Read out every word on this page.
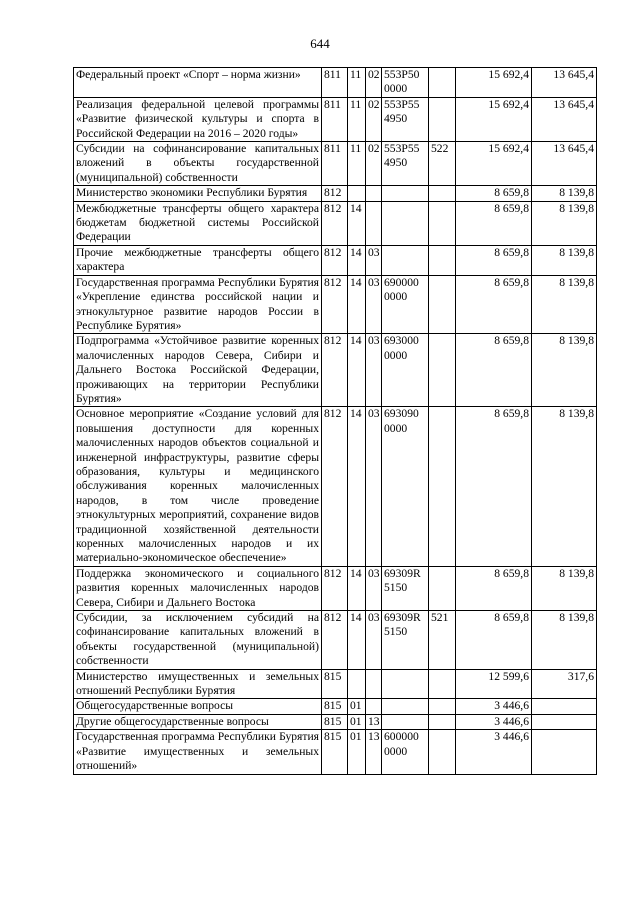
644
Федеральный проект «Спорт – норма жизни»	811	11	02	553P50 0000		15 692,4	13 645,4
Реализация федеральной целевой программы «Развитие физической культуры и спорта в Российской Федерации на 2016 – 2020 годы»	811	11	02	553P55 4950		15 692,4	13 645,4
Субсидии на софинансирование капитальных вложений в объекты государственной (муниципальной) собственности	811	11	02	553P55 4950	522	15 692,4	13 645,4
Министерство экономики Республики Бурятия	812					8 659,8	8 139,8
Межбюджетные трансферты общего характера бюджетам бюджетной системы Российской Федерации	812	14				8 659,8	8 139,8
Прочие межбюджетные трансферты общего характера	812	14	03			8 659,8	8 139,8
Государственная программа Республики Бурятия «Укрепление единства российской нации и этнокультурное развитие народов России в Республике Бурятия»	812	14	03	690000 0000		8 659,8	8 139,8
Подпрограмма «Устойчивое развитие коренных малочисленных народов Севера, Сибири и Дальнего Востока Российской Федерации, проживающих на территории Республики Бурятия»	812	14	03	693000 0000		8 659,8	8 139,8
Основное мероприятие «Создание условий для повышения доступности для коренных малочисленных народов объектов социальной и инженерной инфраструктуры, развитие сферы образования, культуры и медицинского обслуживания коренных малочисленных народов, в том числе проведение этнокультурных мероприятий, сохранение видов традиционной хозяйственной деятельности коренных малочисленных народов и их материально-экономическое обеспечение»	812	14	03	693090 0000		8 659,8	8 139,8
Поддержка экономического и социального развития коренных малочисленных народов Севера, Сибири и Дальнего Востока	812	14	03	69309R 5150		8 659,8	8 139,8
Субсидии, за исключением субсидий на софинансирование капитальных вложений в объекты государственной (муниципальной) собственности	812	14	03	69309R 5150	521	8 659,8	8 139,8
Министерство имущественных и земельных отношений Республики Бурятия	815					12 599,6	317,6
Общегосударственные вопросы	815	01				3 446,6	
Другие общегосударственные вопросы	815	01	13			3 446,6	
Государственная программа Республики Бурятия «Развитие имущественных и земельных отношений»	815	01	13	600000 0000		3 446,6	
